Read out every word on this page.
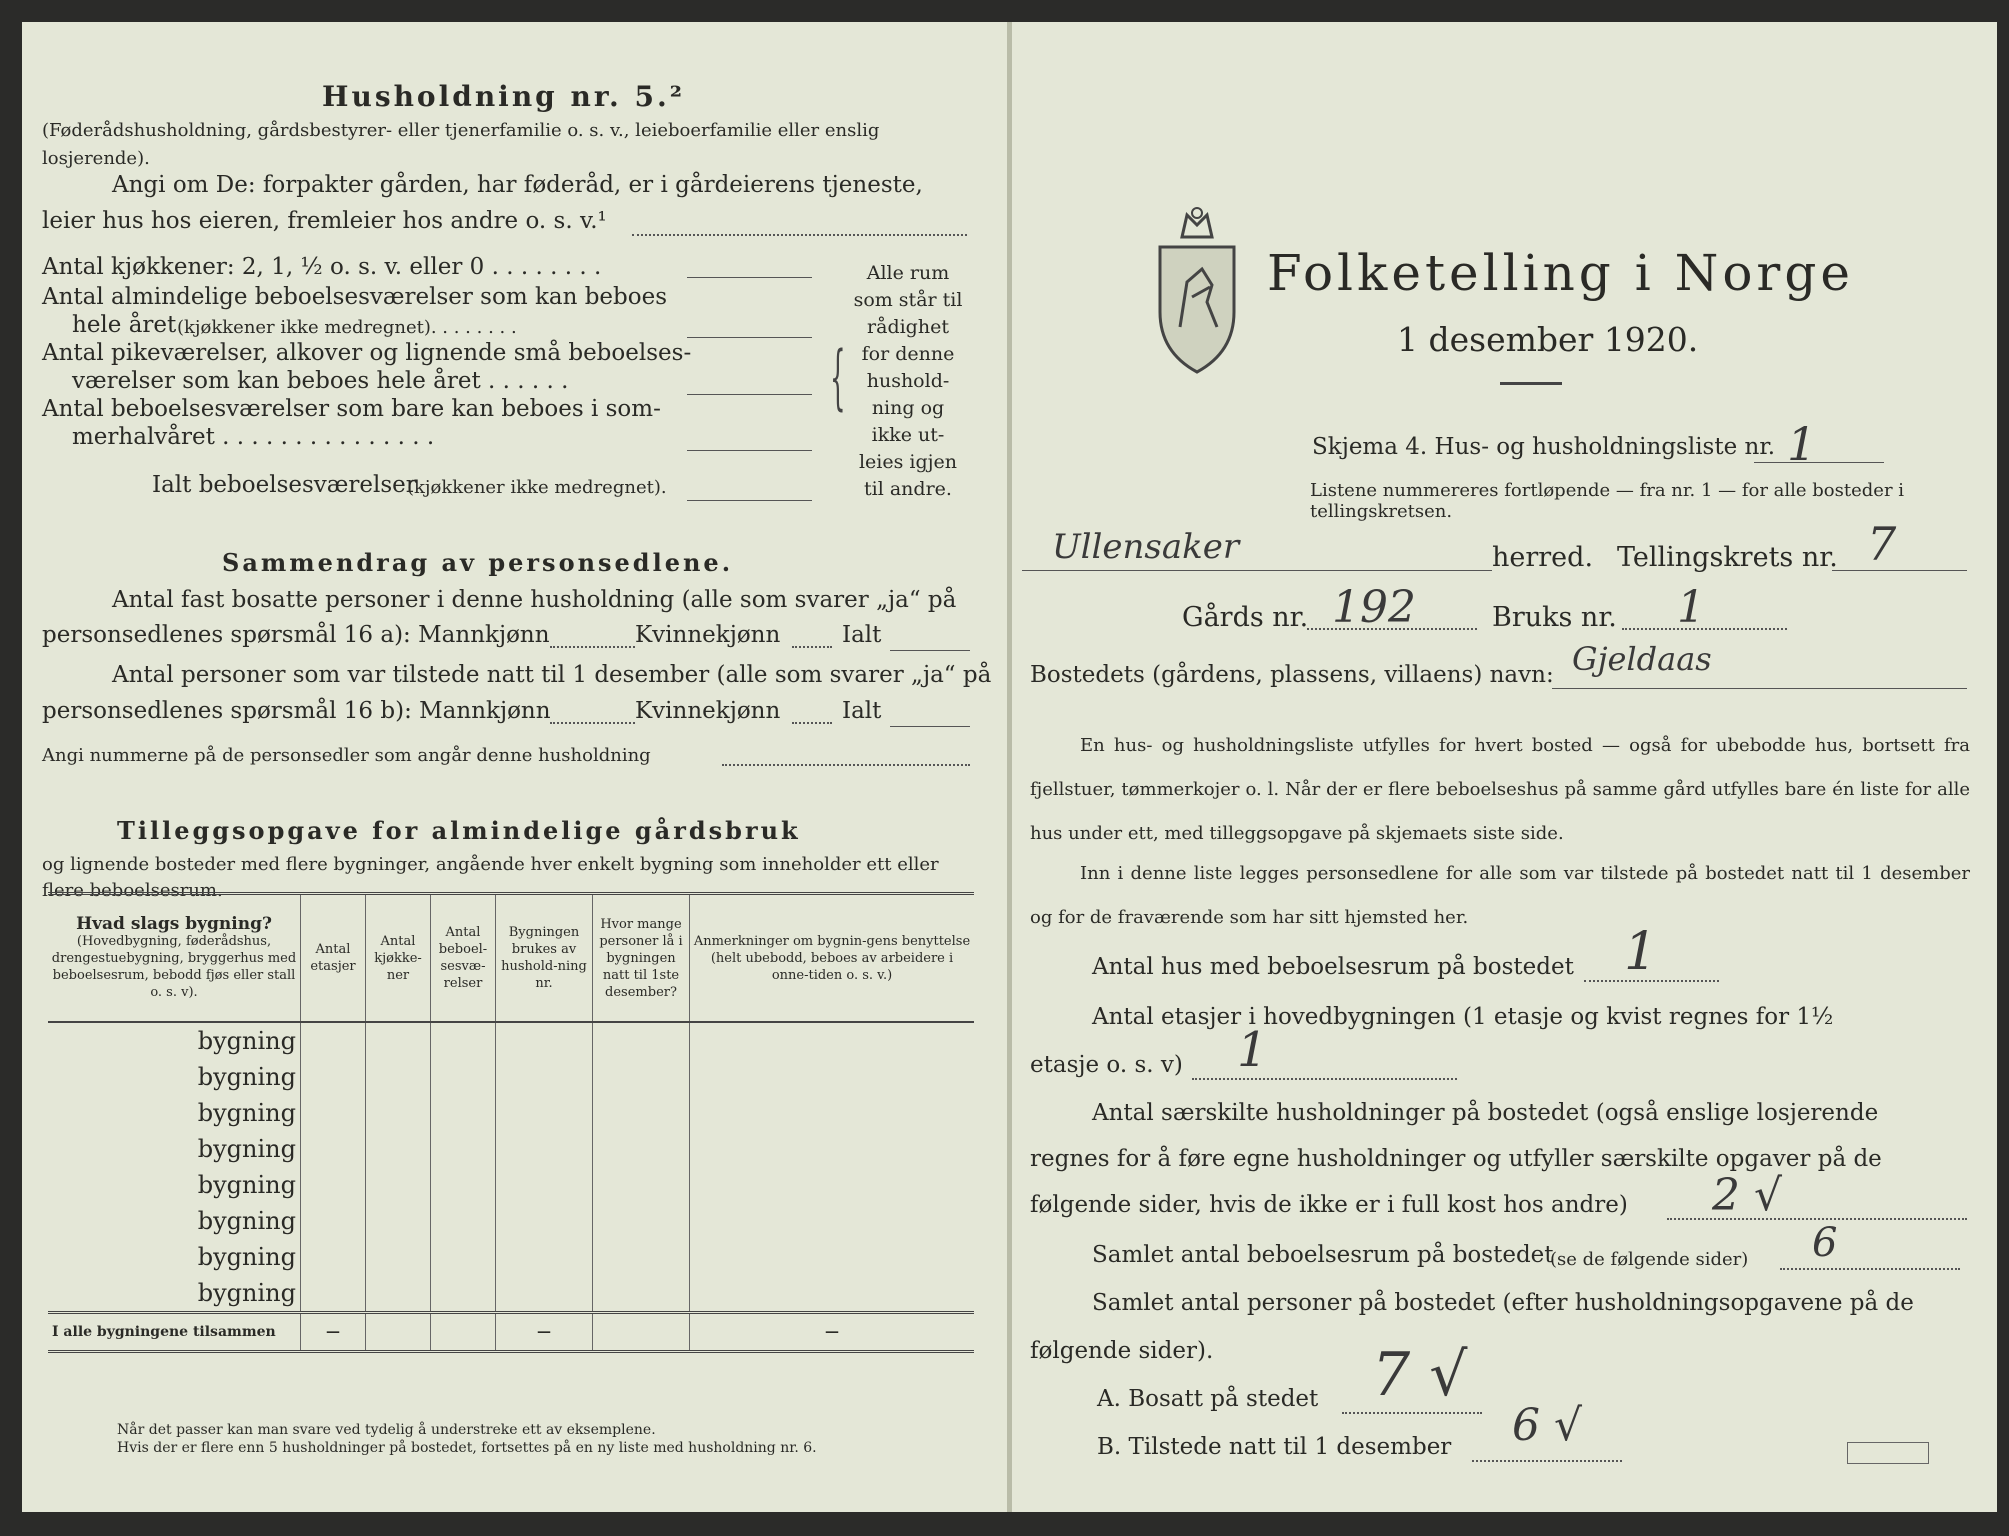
Husholdning nr. 5.²
(Føderådshusholdning, gårdsbestyrer- eller tjenerfamilie o. s. v., leieboerfamilie eller enslig losjerende).
Angi om De: forpakter gården, har føderåd, er i gårdeierens tjeneste,
leier hus hos eieren, fremleier hos andre o. s. v.¹
Antal kjøkkener: 2, 1, ½ o. s. v. eller 0 . . . . . . . .
Antal almindelige beboelsesværelser som kan beboes
hele året (kjøkkener ikke medregnet). . . . . . . .
Antal pikeværelser, alkover og lignende små beboelses-
værelser som kan beboes hele året . . . . . .
Antal beboelsesværelser som bare kan beboes i som-
merhalvåret . . . . . . . . . . . . . . .
Ialt beboelsesværelser
(kjøkkener ikke medregnet).
{
Alle rum
som står til
rådighet
for denne
hushold-
ning og
ikke ut-
leies igjen
til andre.
Sammendrag av personsedlene.
Antal fast bosatte personer i denne husholdning (alle som svarer „ja“ på
personsedlenes spørsmål 16 a): Mannkjønn	Kvinnekjønn	Ialt
Antal personer som var tilstede natt til 1 desember (alle som svarer „ja“ på
personsedlenes spørsmål 16 b): Mannkjønn	Kvinnekjønn	Ialt
Angi nummerne på de personsedler som angår denne husholdning
Tilleggsopgave for almindelige gårdsbruk
og lignende bosteder med flere bygninger, angående hver enkelt bygning som inneholder ett eller flere beboelsesrum.
Hvad slags bygning?
(Hovedbygning, føderådshus, drengestuebygning, bryggerhus med beboelsesrum, bebodd fjøs eller stall o. s. v).	Antal etasjer	Antal kjøkke-ner	Antal beboel-sesvæ-relser	Bygningen brukes av hushold-ning nr.	Hvor mange personer lå i bygningen natt til 1ste desember?	Anmerkninger om bygnin-gens benyttelse (helt ubebodd, beboes av arbeidere i onne-tiden o. s. v.)
bygning						
bygning						
bygning						
bygning						
bygning						
bygning						
bygning						
bygning						
I alle bygningene tilsammen	—			—		—
Når det passer kan man svare ved tydelig å understreke ett av eksemplene.
Hvis der er flere enn 5 husholdninger på bostedet, fortsettes på en ny liste med husholdning nr. 6.
Folketelling i Norge
1 desember 1920.
Skjema 4. Hus- og husholdningsliste nr. 1
Listene nummereres fortløpende — fra nr. 1 — for alle bosteder i tellingskretsen.
Ullensaker	herred. Tellingskrets nr. 7
Gårds nr. 192	Bruks nr. 1
Bostedets (gårdens, plassens, villaens) navn: Gjeldaas
En hus- og husholdningsliste utfylles for hvert bosted — også for ubebodde hus, bortsett fra fjellstuer, tømmerkojer o. l. Når der er flere beboelseshus på samme gård utfylles bare én liste for alle hus under ett, med tilleggsopgave på skjemaets siste side.
Inn i denne liste legges personsedlene for alle som var tilstede på bostedet natt til 1 desember og for de fraværende som har sitt hjemsted her.
Antal hus med beboelsesrum på bostedet 1
Antal etasjer i hovedbygningen (1 etasje og kvist regnes for 1½
etasje o. s. v) 1
Antal særskilte husholdninger på bostedet (også enslige losjerende
regnes for å føre egne husholdninger og utfyller særskilte opgaver på de
følgende sider, hvis de ikke er i full kost hos andre) 2 √
Samlet antal beboelsesrum på bostedet
(se de følgende sider) 6
Samlet antal personer på bostedet (efter husholdningsopgavene på de
følgende sider).
A. Bosatt på stedet 7 √
B. Tilstede natt til 1 desember 6 √
